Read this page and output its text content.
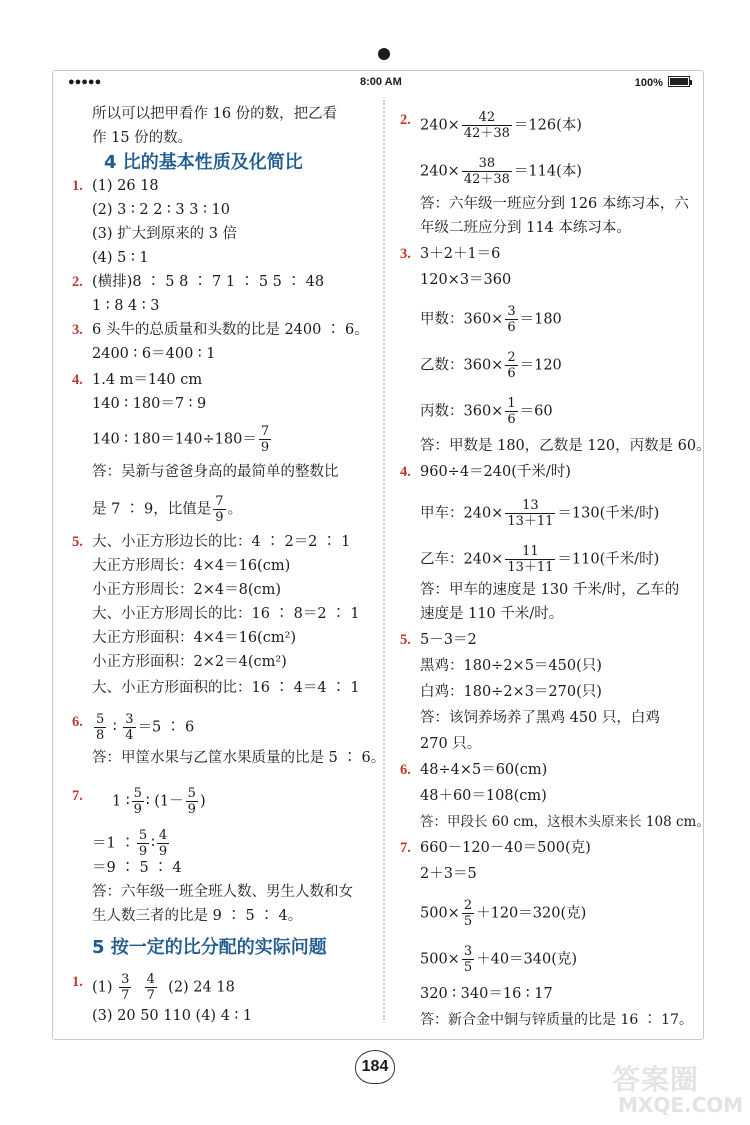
●●●●●	8:00 AM	100%
所以可以把甲看作 16 份的数，把乙看
作 15 份的数。
4 比的基本性质及化简比
1. (1) 26 18
(2) 3 ∶ 2 2 ∶ 3 3 ∶ 10
(3) 扩大到原来的 3 倍
(4) 5 ∶ 1
2. (横排)8 ∶ 5 8 ∶ 7 1 ∶ 5 5 ∶ 48
1 ∶ 8 4 ∶ 3
3. 6 头牛的总质量和头数的比是 2400 ∶ 6。
2400 ∶ 6＝400 ∶ 1
4. 1.4 m＝140 cm
140 ∶ 180＝7 ∶ 9
140 ∶ $180=140\div 180= \frac{7}{9}$
答：吴新与爸爸身高的最简单的整数比
是 7 ∶ 9，比值是 $\frac{7}{9}$ 。
5. 大、小正方形边长的比：4 ∶ 2＝2 ∶ 1
大正方形周长：4×4＝16(cm)
小正方形周长：2×4＝8(cm)
大、小正方形周长的比：16 ∶ 8＝2 ∶ 1
大正方形面积：4×4＝16(cm²)
小正方形面积：2×2＝4(cm²)
大、小正方形面积的比：16 ∶ 4＝4 ∶ 1
6. $\frac{5}{8}$ ∶ $\frac{3}{4} =5$ ∶ 6
答：甲筐水果与乙筐水果质量的比是 5 ∶ 6。
7. 1 ∶ $\frac{5}{9}$ ∶ ($1- \frac{5}{9}$ )
＝1 ∶ $\frac{5}{9}$ ∶ $\frac{4}{9}$
＝9 ∶ 5 ∶ 4
答：六年级一班全班人数、男生人数和女
生人数三者的比是 9 ∶ 5 ∶ 4。
5 按一定的比分配的实际问题
1. $(1) \frac{3}{7}$
$\frac{4}{7} (2)$ 24 18
(3) 20 50 110 (4) 4 ∶ 1
2. $240\times \frac{42}{42+38} =126$(本)
$240\times \frac{38}{42+38} =114$(本)
答：六年级一班应分到 126 本练习本，六
年级二班应分到 114 本练习本。
3. 3＋2＋1＝6
120×3＝360
甲数：$360\times \frac{3}{6} =180$
乙数：$360\times \frac{2}{6} =120$
丙数：$360\times \frac{1}{6} =60$
答：甲数是 180，乙数是 120，丙数是 60。
4. 960÷4＝240(千米/时)
甲车：$240\times \frac{13}{13+11} =130$(千米/时)
乙车：$240\times \frac{11}{13+11} =110$(千米/时)
答：甲车的速度是 130 千米/时，乙车的
速度是 110 千米/时。
5. 5－3＝2
黑鸡：180÷2×5＝450(只)
白鸡：180÷2×3＝270(只)
答：该饲养场养了黑鸡 450 只，白鸡
270 只。
6. 48÷4×5＝60(cm)
48＋60＝108(cm)
答：甲段长 60 cm，这根木头原来长 108 cm。
7. 660－120－40＝500(克)
2＋3＝5
$500\times \frac{2}{5} +120=320$(克)
$500\times \frac{3}{5} +40=340$(克)
320 ∶ 340＝16 ∶ 17
答：新合金中铜与锌质量的比是 16 ∶ 17。
184	答案圈
MXQE.COM
